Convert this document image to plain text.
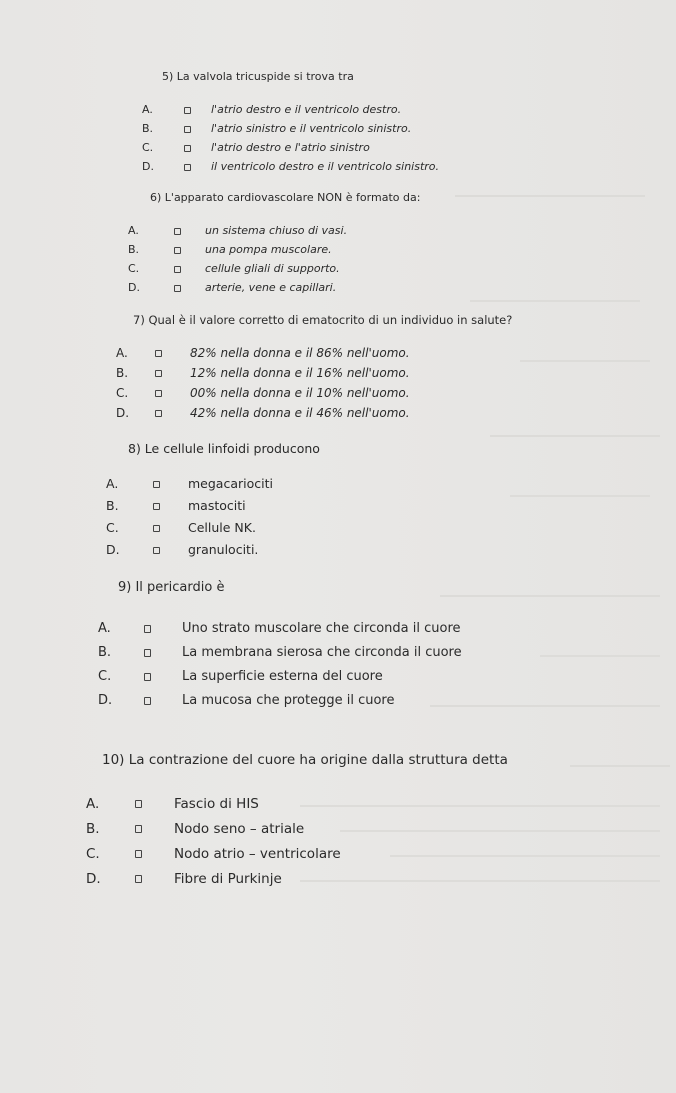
5) La valvola tricuspide si trova tra
A.	l'atrio destro e il ventricolo destro.
B.	l'atrio sinistro e il ventricolo sinistro.
C.	l'atrio destro e l'atrio sinistro
D.	il ventricolo destro e il ventricolo sinistro.
6) L'apparato cardiovascolare NON è formato da:
A.	un sistema chiuso di vasi.
B.	una pompa muscolare.
C.	cellule gliali di supporto.
D.	arterie, vene e capillari.
7) Qual è il valore corretto di ematocrito di un individuo in salute?
A.	82% nella donna e il 86% nell'uomo.
B.	12% nella donna e il 16% nell'uomo.
C.	00% nella donna e il 10% nell'uomo.
D.	42% nella donna e il 46% nell'uomo.
8) Le cellule linfoidi producono
A.	megacariociti
B.	mastociti
C.	Cellule NK.
D.	granulociti.
9) Il pericardio è
A.	Uno strato muscolare che circonda il cuore
B.	La membrana sierosa che circonda il cuore
C.	La superficie esterna del cuore
D.	La mucosa che protegge il cuore
10) La contrazione del cuore ha origine dalla struttura detta
A.	Fascio di HIS
B.	Nodo seno – atriale
C.	Nodo atrio – ventricolare
D.	Fibre di Purkinje
